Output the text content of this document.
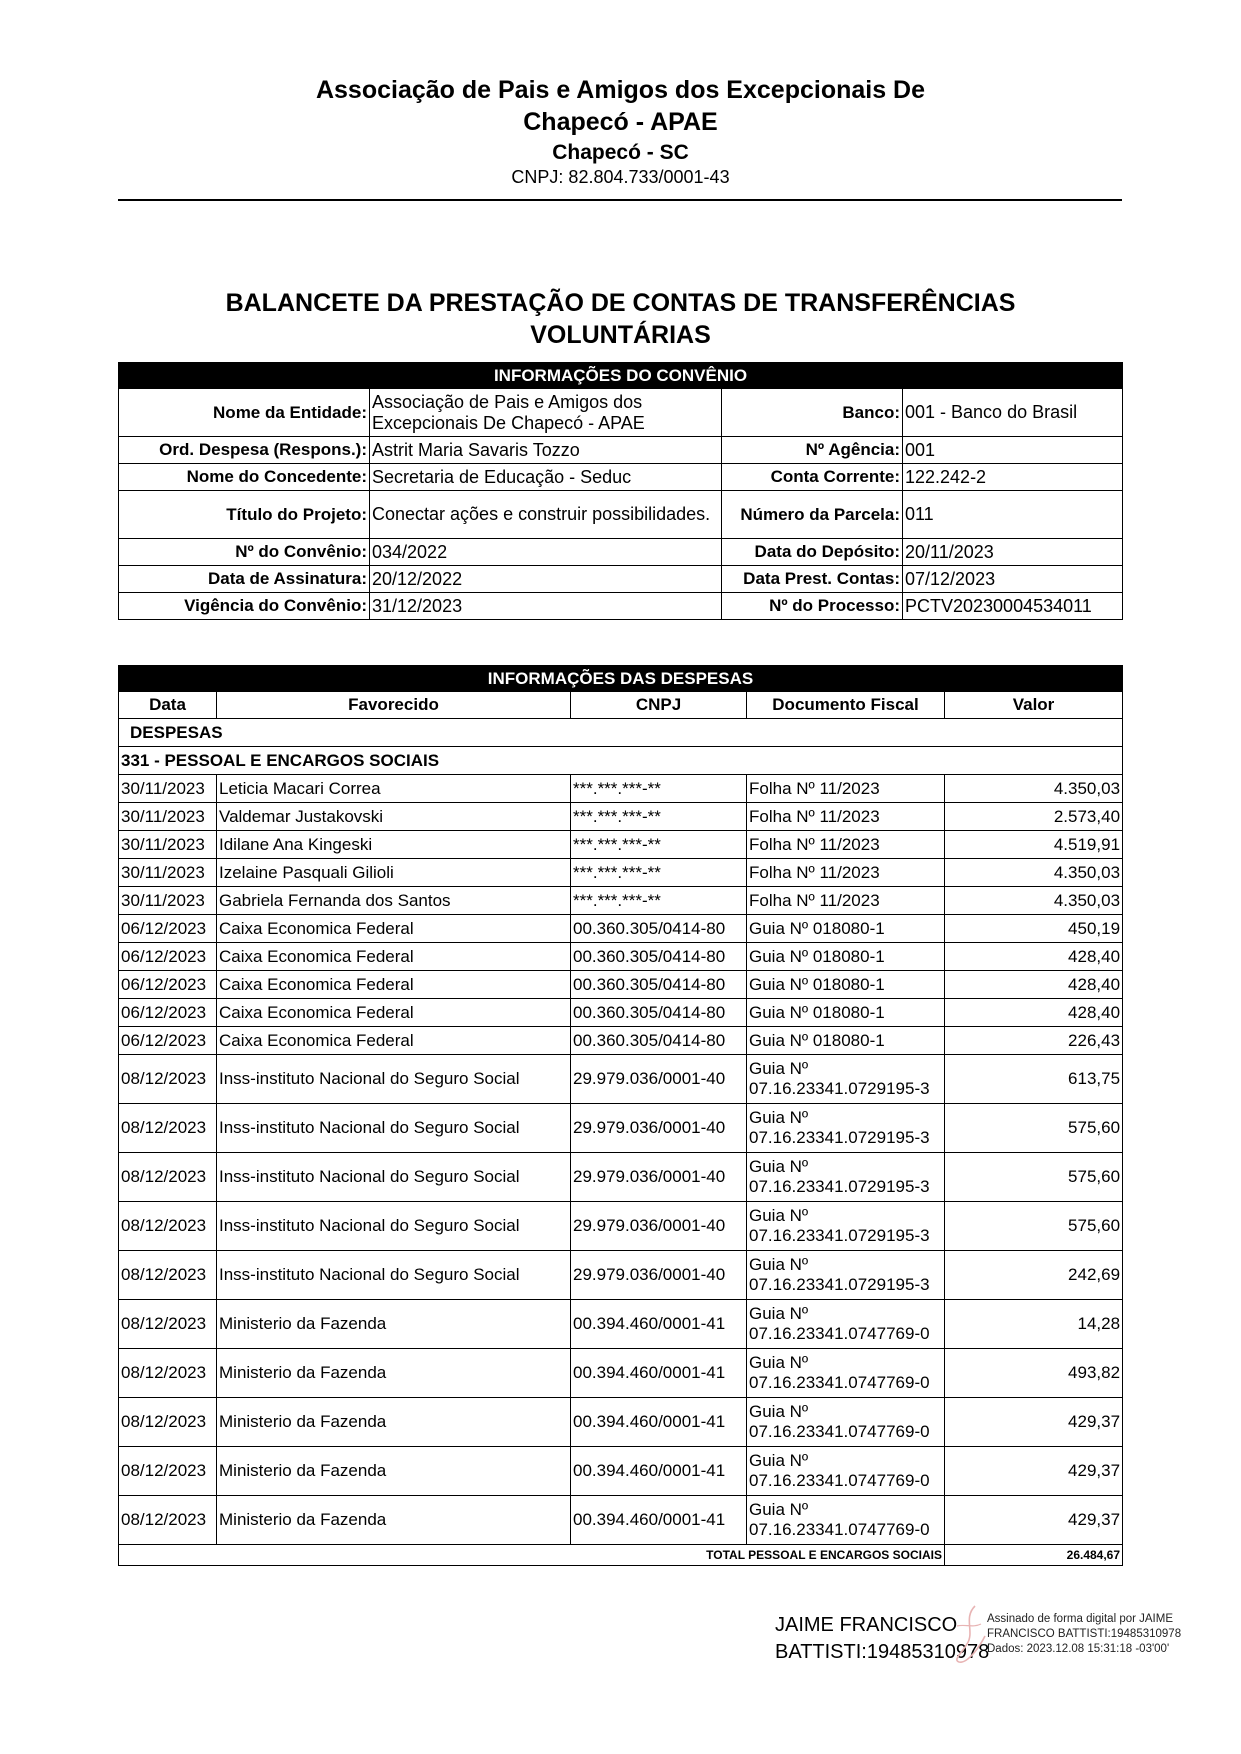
Associação de Pais e Amigos dos Excepcionais De
Chapecó - APAE
Chapecó - SC
CNPJ: 82.804.733/0001-43
BALANCETE DA PRESTAÇÃO DE CONTAS DE TRANSFERÊNCIAS
VOLUNTÁRIAS
INFORMAÇÕES DO CONVÊNIO			
Nome da Entidade:	Associação de Pais e Amigos dos Excepcionais De Chapecó - APAE	Banco:	001 - Banco do Brasil
Ord. Despesa (Respons.):	Astrit Maria Savaris Tozzo	Nº Agência:	001
Nome do Concedente:	Secretaria de Educação - Seduc	Conta Corrente:	122.242-2
Título do Projeto:	Conectar ações e construir possibilidades.	Número da Parcela:	011
Nº do Convênio:	034/2022	Data do Depósito:	20/11/2023
Data de Assinatura:	20/12/2022	Data Prest. Contas:	07/12/2023
Vigência do Convênio:	31/12/2023	Nº do Processo:	PCTV20230004534011
INFORMAÇÕES DAS DESPESAS				
Data	Favorecido	CNPJ	Documento Fiscal	Valor
DESPESAS				
331 - PESSOAL E ENCARGOS SOCIAIS				
30/11/2023	Leticia Macari Correa	***.***.***-**	Folha Nº 11/2023	4.350,03
30/11/2023	Valdemar Justakovski	***.***.***-**	Folha Nº 11/2023	2.573,40
30/11/2023	Idilane Ana Kingeski	***.***.***-**	Folha Nº 11/2023	4.519,91
30/11/2023	Izelaine Pasquali Gilioli	***.***.***-**	Folha Nº 11/2023	4.350,03
30/11/2023	Gabriela Fernanda dos Santos	***.***.***-**	Folha Nº 11/2023	4.350,03
06/12/2023	Caixa Economica Federal	00.360.305/0414-80	Guia Nº 018080-1	450,19
06/12/2023	Caixa Economica Federal	00.360.305/0414-80	Guia Nº 018080-1	428,40
06/12/2023	Caixa Economica Federal	00.360.305/0414-80	Guia Nº 018080-1	428,40
06/12/2023	Caixa Economica Federal	00.360.305/0414-80	Guia Nº 018080-1	428,40
06/12/2023	Caixa Economica Federal	00.360.305/0414-80	Guia Nº 018080-1	226,43
08/12/2023	Inss-instituto Nacional do Seguro Social	29.979.036/0001-40	Guia Nº 07.16.23341.0729195-3	613,75
08/12/2023	Inss-instituto Nacional do Seguro Social	29.979.036/0001-40	Guia Nº 07.16.23341.0729195-3	575,60
08/12/2023	Inss-instituto Nacional do Seguro Social	29.979.036/0001-40	Guia Nº 07.16.23341.0729195-3	575,60
08/12/2023	Inss-instituto Nacional do Seguro Social	29.979.036/0001-40	Guia Nº 07.16.23341.0729195-3	575,60
08/12/2023	Inss-instituto Nacional do Seguro Social	29.979.036/0001-40	Guia Nº 07.16.23341.0729195-3	242,69
08/12/2023	Ministerio da Fazenda	00.394.460/0001-41	Guia Nº 07.16.23341.0747769-0	14,28
08/12/2023	Ministerio da Fazenda	00.394.460/0001-41	Guia Nº 07.16.23341.0747769-0	493,82
08/12/2023	Ministerio da Fazenda	00.394.460/0001-41	Guia Nº 07.16.23341.0747769-0	429,37
08/12/2023	Ministerio da Fazenda	00.394.460/0001-41	Guia Nº 07.16.23341.0747769-0	429,37
08/12/2023	Ministerio da Fazenda	00.394.460/0001-41	Guia Nº 07.16.23341.0747769-0	429,37
TOTAL PESSOAL E ENCARGOS SOCIAIS				26.484,67
JAIME FRANCISCO
BATTISTI:19485310978
Assinado de forma digital por JAIME
FRANCISCO BATTISTI:19485310978
Dados: 2023.12.08 15:31:18 -03'00'
